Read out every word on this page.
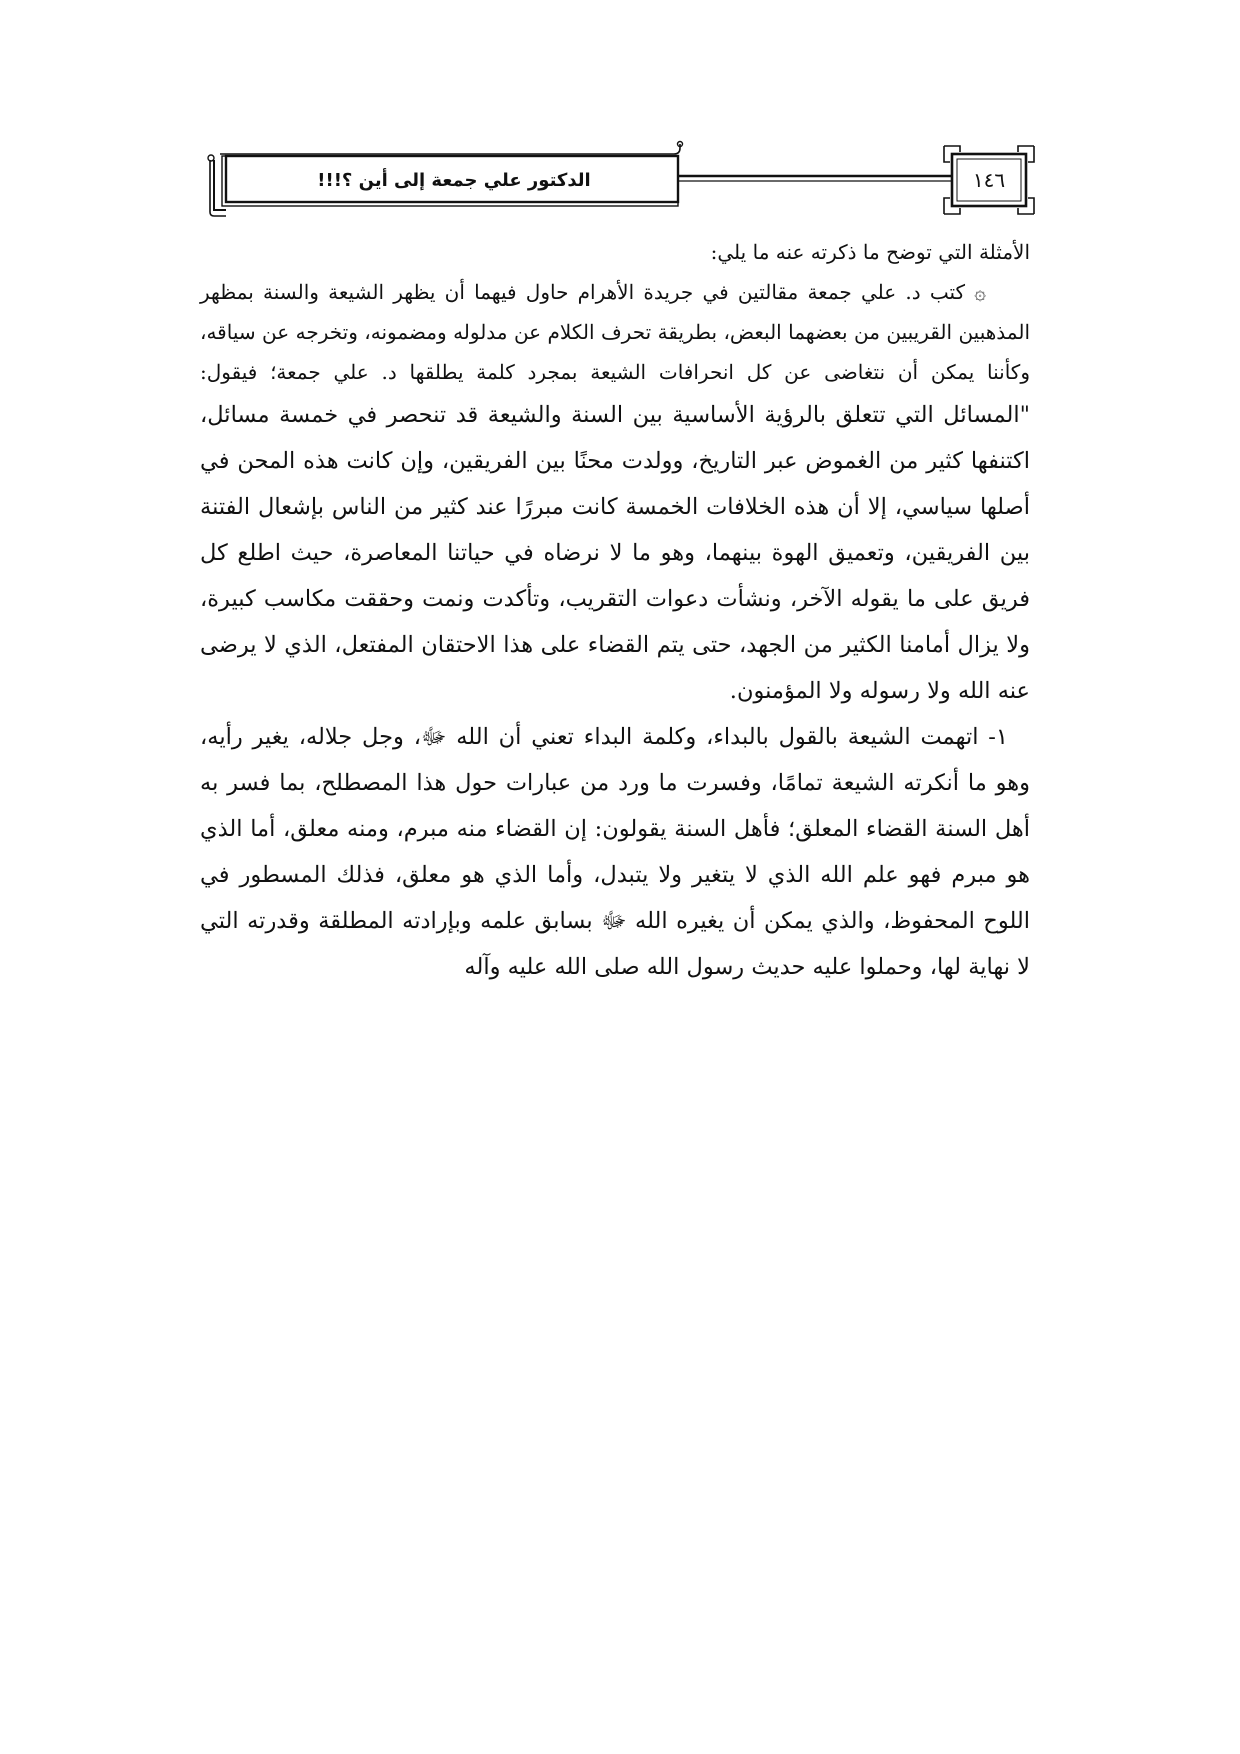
الدكتور علي جمعة إلى أين ؟!!!	١٤٦

الأمثلة التي توضح ما ذكرته عنه ما يلي:

۞ كتب د. علي جمعة مقالتين في جريدة الأهرام حاول فيهما أن يظهر الشيعة والسنة بمظهر المذهبين القريبين من بعضهما البعض، بطريقة تحرف الكلام عن مدلوله ومضمونه، وتخرجه عن سياقه، وكأننا يمكن أن نتغاضى عن كل انحرافات الشيعة بمجرد كلمة يطلقها د. علي جمعة؛ فيقول: "المسائل التي تتعلق بالرؤية الأساسية بين السنة والشيعة قد تنحصر في خمسة مسائل، اكتنفها كثير من الغموض عبر التاريخ، وولدت محنًا بين الفريقين، وإن كانت هذه المحن في أصلها سياسي، إلا أن هذه الخلافات الخمسة كانت مبررًا عند كثير من الناس بإشعال الفتنة بين الفريقين، وتعميق الهوة بينهما، وهو ما لا نرضاه في حياتنا المعاصرة، حيث اطلع كل فريق على ما يقوله الآخر، ونشأت دعوات التقريب، وتأكدت ونمت وحققت مكاسب كبيرة، ولا يزال أمامنا الكثير من الجهد، حتى يتم القضاء على هذا الاحتقان المفتعل، الذي لا يرضى عنه الله ولا رسوله ولا المؤمنون.

١- اتهمت الشيعة بالقول بالبداء، وكلمة البداء تعني أن الله ﷻ، وجل جلاله، يغير رأيه، وهو ما أنكرته الشيعة تمامًا، وفسرت ما ورد من عبارات حول هذا المصطلح، بما فسر به أهل السنة القضاء المعلق؛ فأهل السنة يقولون: إن القضاء منه مبرم، ومنه معلق، أما الذي هو مبرم فهو علم الله الذي لا يتغير ولا يتبدل، وأما الذي هو معلق، فذلك المسطور في اللوح المحفوظ، والذي يمكن أن يغيره الله ﷻ بسابق علمه وبإرادته المطلقة وقدرته التي لا نهاية لها، وحملوا عليه حديث رسول الله صلى الله عليه وآله
